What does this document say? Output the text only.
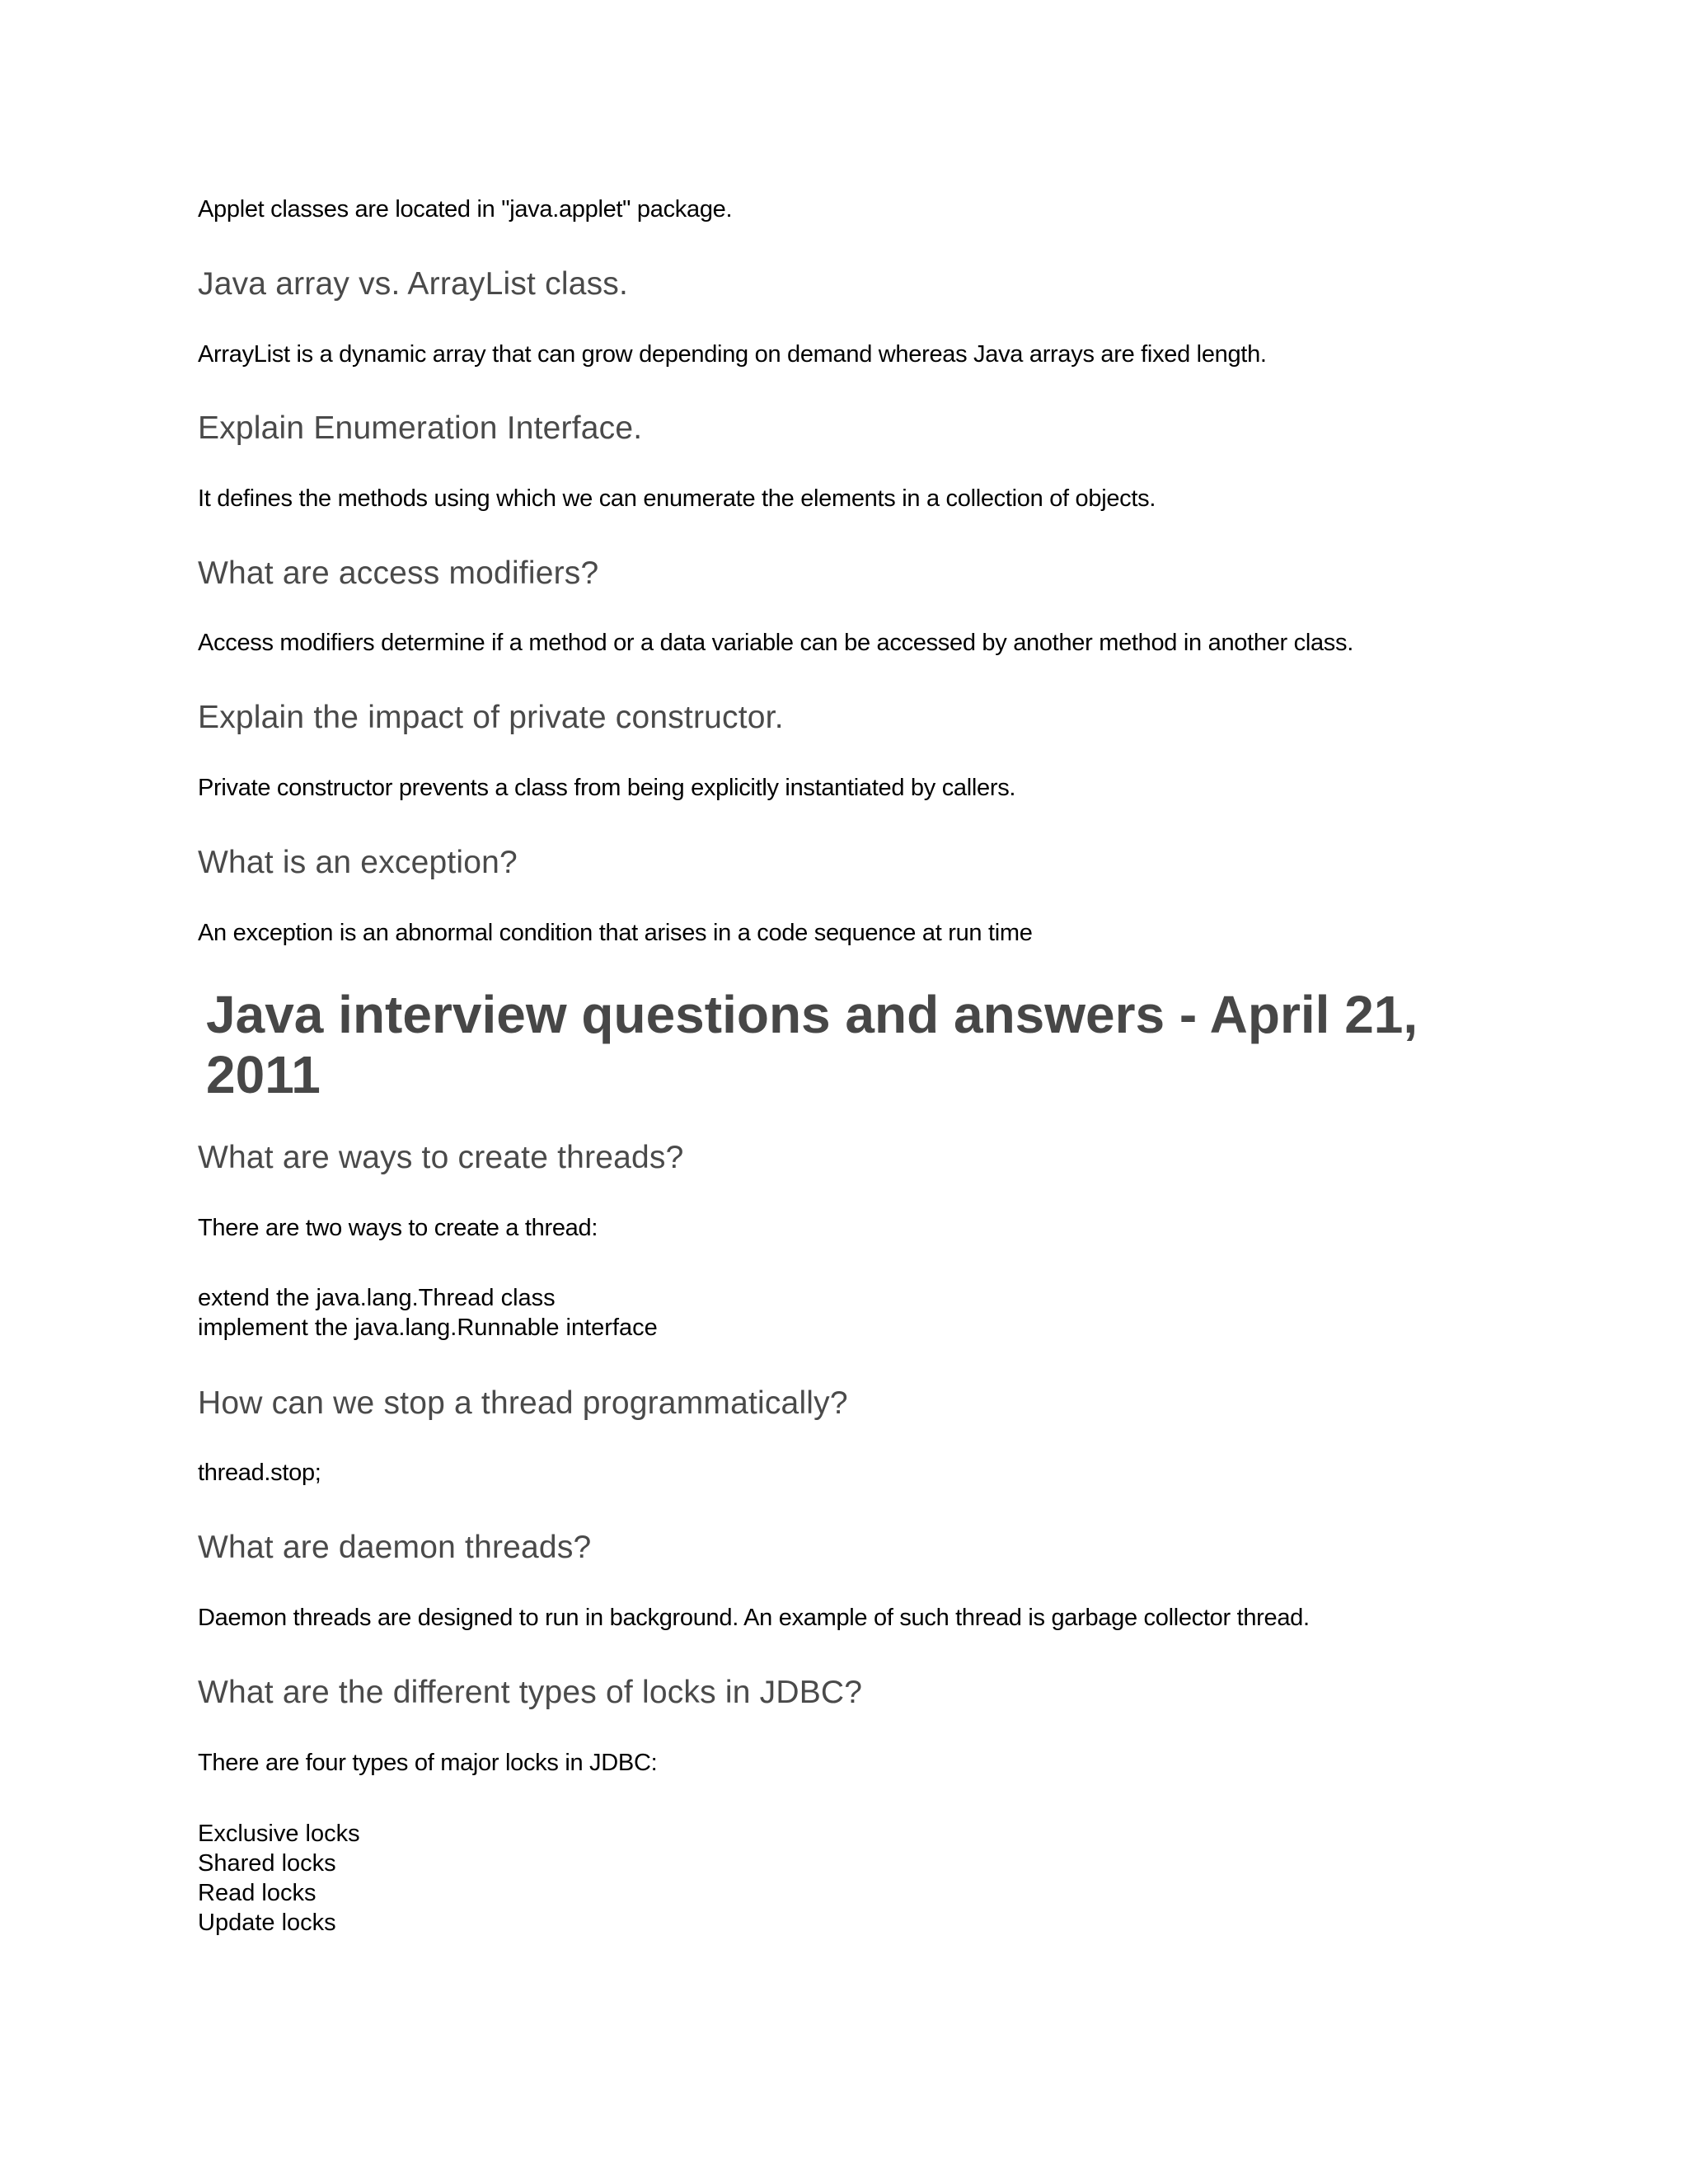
Applet classes are located in "java.applet" package.

Java array vs. ArrayList class.

ArrayList is a dynamic array that can grow depending on demand whereas Java arrays are fixed length.

Explain Enumeration Interface.

It defines the methods using which we can enumerate the elements in a collection of objects.

What are access modifiers?

Access modifiers determine if a method or a data variable can be accessed by another method in another class.

Explain the impact of private constructor.

Private constructor prevents a class from being explicitly instantiated by callers.

What is an exception?

An exception is an abnormal condition that arises in a code sequence at run time

Java interview questions and answers - April 21, 2011
What are ways to create threads?

There are two ways to create a thread:

extend the java.lang.Thread class
implement the java.lang.Runnable interface
How can we stop a thread programmatically?

thread.stop;

What are daemon threads?

Daemon threads are designed to run in background. An example of such thread is garbage collector thread.

What are the different types of locks in JDBC?

There are four types of major locks in JDBC:

Exclusive locks
Shared locks
Read locks
Update locks
